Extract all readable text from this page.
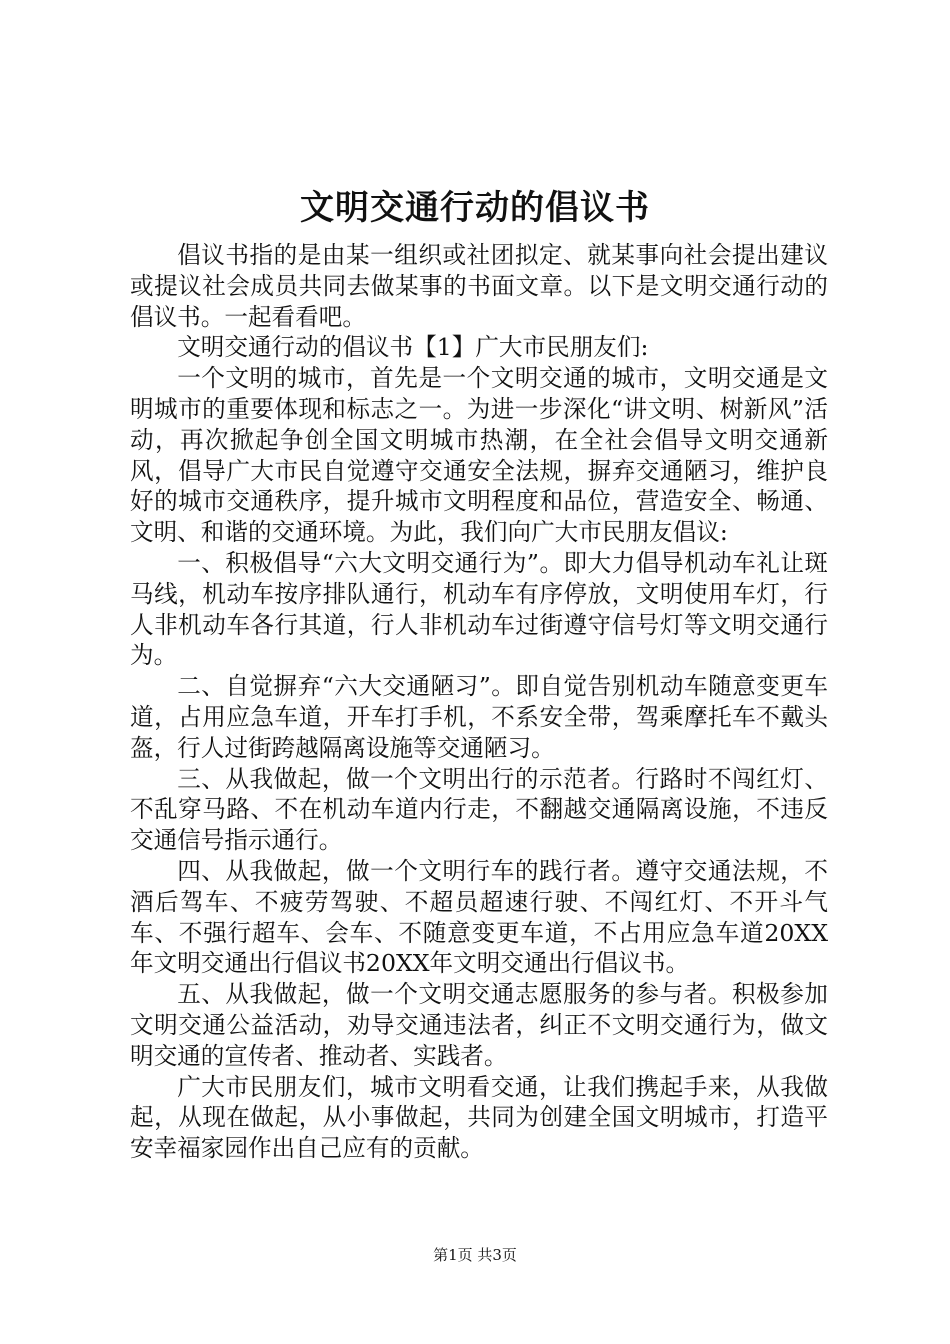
文明交通行动的倡议书

倡议书指的是由某一组织或社团拟定、就某事向社会提出建议或提议社会成员共同去做某事的书面文章。以下是文明交通行动的倡议书。一起看看吧。

文明交通行动的倡议书【1】广大市民朋友们:

一个文明的城市，首先是一个文明交通的城市，文明交通是文明城市的重要体现和标志之一。为进一步深化“讲文明、树新风”活动，再次掀起争创全国文明城市热潮，在全社会倡导文明交通新风，倡导广大市民自觉遵守交通安全法规，摒弃交通陋习，维护良好的城市交通秩序，提升城市文明程度和品位，营造安全、畅通、文明、和谐的交通环境。为此，我们向广大市民朋友倡议:

一、积极倡导“六大文明交通行为”。即大力倡导机动车礼让斑马线，机动车按序排队通行，机动车有序停放，文明使用车灯，行人非机动车各行其道，行人非机动车过街遵守信号灯等文明交通行为。

二、自觉摒弃“六大交通陋习”。即自觉告别机动车随意变更车道，占用应急车道，开车打手机，不系安全带，驾乘摩托车不戴头盔，行人过街跨越隔离设施等交通陋习。

三、从我做起，做一个文明出行的示范者。行路时不闯红灯、不乱穿马路、不在机动车道内行走，不翻越交通隔离设施，不违反交通信号指示通行。

四、从我做起，做一个文明行车的践行者。遵守交通法规，不酒后驾车、不疲劳驾驶、不超员超速行驶、不闯红灯、不开斗气车、不强行超车、会车、不随意变更车道，不占用应急车道20XX年文明交通出行倡议书20XX年文明交通出行倡议书。

五、从我做起，做一个文明交通志愿服务的参与者。积极参加文明交通公益活动，劝导交通违法者，纠正不文明交通行为，做文明交通的宣传者、推动者、实践者。

广大市民朋友们，城市文明看交通，让我们携起手来，从我做起，从现在做起，从小事做起，共同为创建全国文明城市，打造平安幸福家园作出自己应有的贡献。

第1页 共3页
